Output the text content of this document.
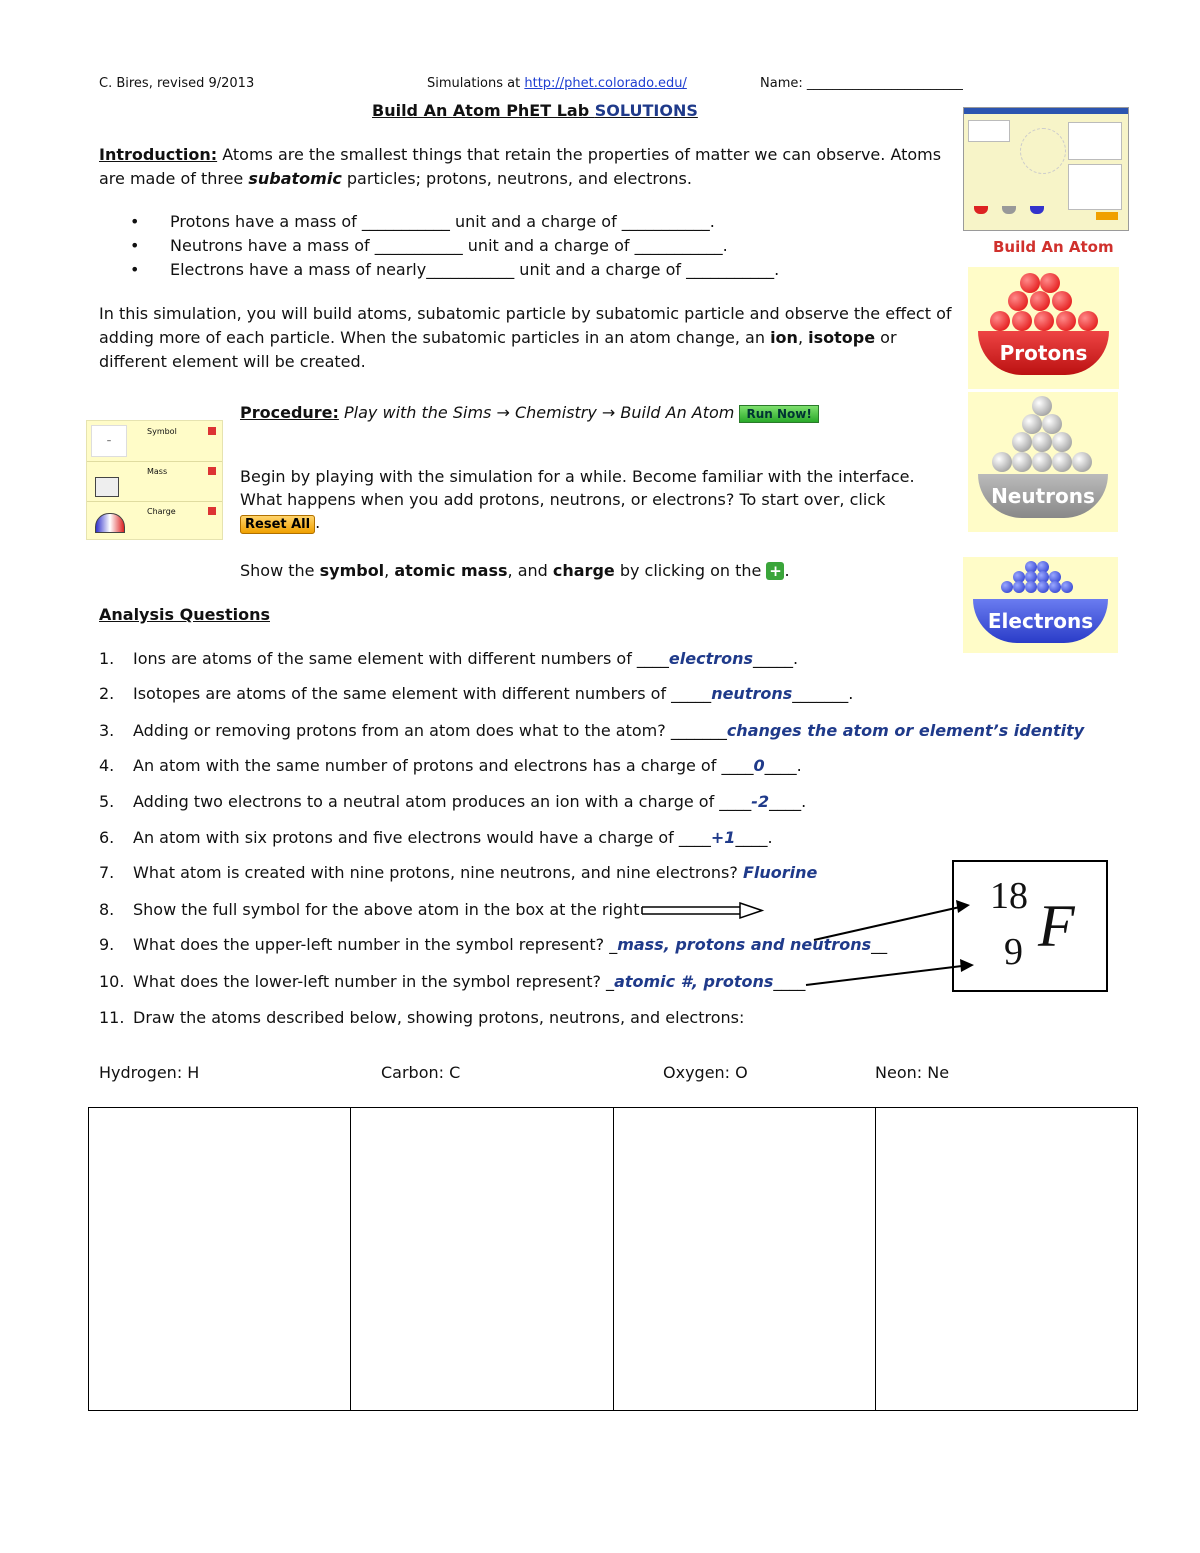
C. Bires, revised 9/2013	Simulations at http://phet.colorado.edu/	Name: ________________________
Build An Atom PhET Lab SOLUTIONS
Build An Atom
Protons
Neutrons
Electrons
Introduction: Atoms are the smallest things that retain the properties of matter we can observe. Atoms
are made of three subatomic particles; protons, neutrons, and electrons.
• Protons have a mass of ___________ unit and a charge of ___________.
• Neutrons have a mass of ___________ unit and a charge of ___________.
• Electrons have a mass of nearly___________ unit and a charge of ___________.
In this simulation, you will build atoms, subatomic particle by subatomic particle and observe the effect of
adding more of each particle. When the subatomic particles in an atom change, an ion, isotope or
different element will be created.
–
Symbol
Mass
Charge
Procedure: Play with the Sims → Chemistry → Build An Atom Run Now!
Begin by playing with the simulation for a while. Become familiar with the interface.
What happens when you add protons, neutrons, or electrons? To start over, click
Reset All .
Show the symbol, atomic mass, and charge by clicking on the + .
Analysis Questions
1. Ions are atoms of the same element with different numbers of ____electrons_____.
2. Isotopes are atoms of the same element with different numbers of _____neutrons_______.
3. Adding or removing protons from an atom does what to the atom? _______changes the atom or element’s identity
4. An atom with the same number of protons and electrons has a charge of ____0____.
5. Adding two electrons to a neutral atom produces an ion with a charge of ____-2____.
6. An atom with six protons and five electrons would have a charge of ____+1____.
7. What atom is created with nine protons, nine neutrons, and nine electrons? Fluorine
8. Show the full symbol for the above atom in the box at the right
9. What does the upper-left number in the symbol represent? _mass, protons and neutrons__
10. What does the lower-left number in the symbol represent? _atomic #, protons____
11. Draw the atoms described below, showing protons, neutrons, and electrons:
18
9 F
Hydrogen: H	Carbon: C	Oxygen: O	Neon: Ne
